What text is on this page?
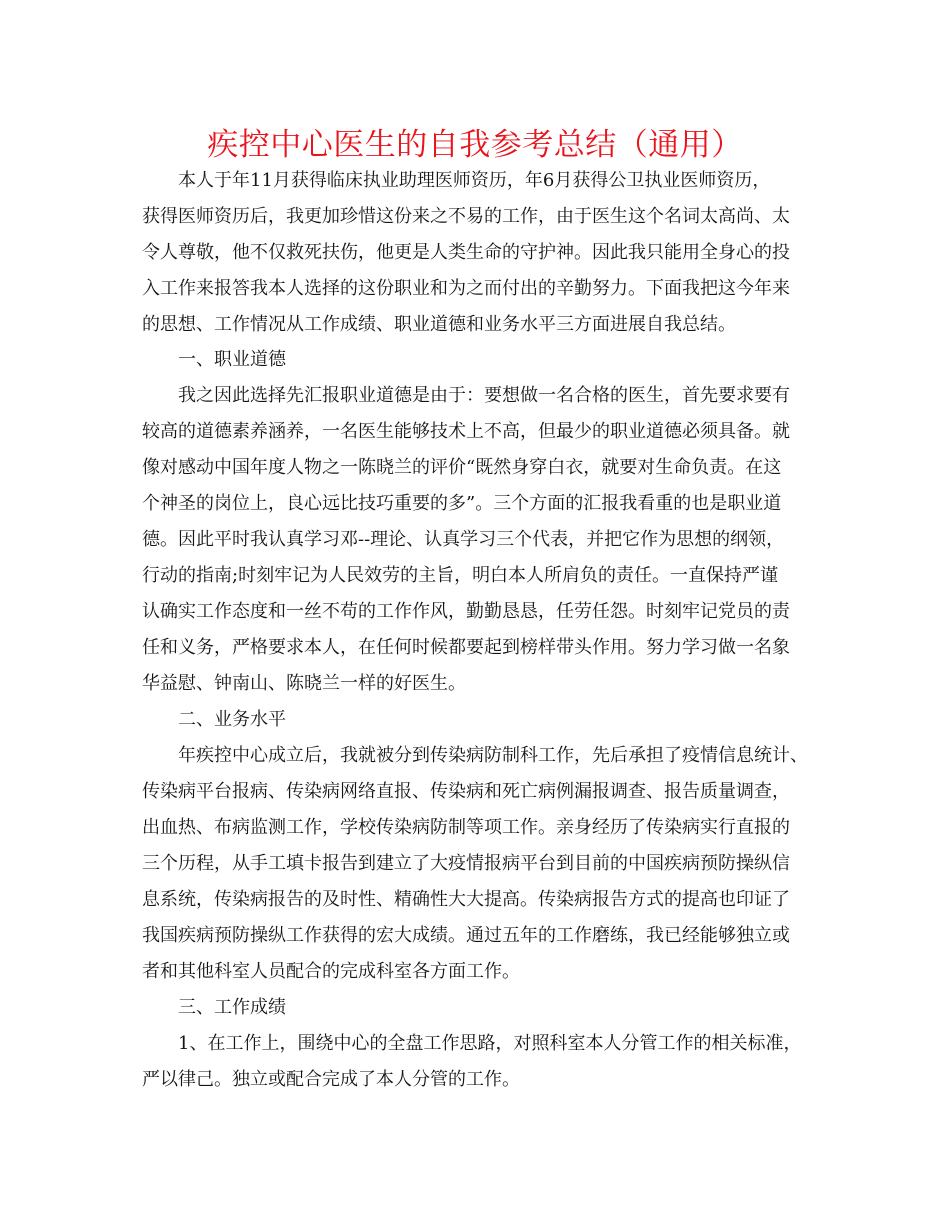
疾控中心医生的自我参考总结（通用）

本人于年11月获得临床执业助理医师资历，年6月获得公卫执业医师资历，

获得医师资历后，我更加珍惜这份来之不易的工作，由于医生这个名词太高尚、太

令人尊敬，他不仅救死扶伤，他更是人类生命的守护神。因此我只能用全身心的投

入工作来报答我本人选择的这份职业和为之而付出的辛勤努力。下面我把这今年来

的思想、工作情况从工作成绩、职业道德和业务水平三方面进展自我总结。

一、职业道德

我之因此选择先汇报职业道德是由于：要想做一名合格的医生，首先要求要有

较高的道德素养涵养，一名医生能够技术上不高，但最少的职业道德必须具备。就

像对感动中国年度人物之一陈晓兰的评价“既然身穿白衣，就要对生命负责。在这

个神圣的岗位上，良心远比技巧重要的多”。三个方面的汇报我看重的也是职业道

德。因此平时我认真学习邓--理论、认真学习三个代表，并把它作为思想的纲领，

行动的指南;时刻牢记为人民效劳的主旨，明白本人所肩负的责任。一直保持严谨

认确实工作态度和一丝不苟的工作作风，勤勤恳恳，任劳任怨。时刻牢记党员的责

任和义务，严格要求本人，在任何时候都要起到榜样带头作用。努力学习做一名象

华益慰、钟南山、陈晓兰一样的好医生。

二、业务水平

年疾控中心成立后，我就被分到传染病防制科工作，先后承担了疫情信息统计、

传染病平台报病、传染病网络直报、传染病和死亡病例漏报调查、报告质量调查，

出血热、布病监测工作，学校传染病防制等项工作。亲身经历了传染病实行直报的

三个历程，从手工填卡报告到建立了大疫情报病平台到目前的中国疾病预防操纵信

息系统，传染病报告的及时性、精确性大大提高。传染病报告方式的提高也印证了

我国疾病预防操纵工作获得的宏大成绩。通过五年的工作磨练，我已经能够独立或

者和其他科室人员配合的完成科室各方面工作。

三、工作成绩

1、在工作上，围绕中心的全盘工作思路，对照科室本人分管工作的相关标准，

严以律己。独立或配合完成了本人分管的工作。
